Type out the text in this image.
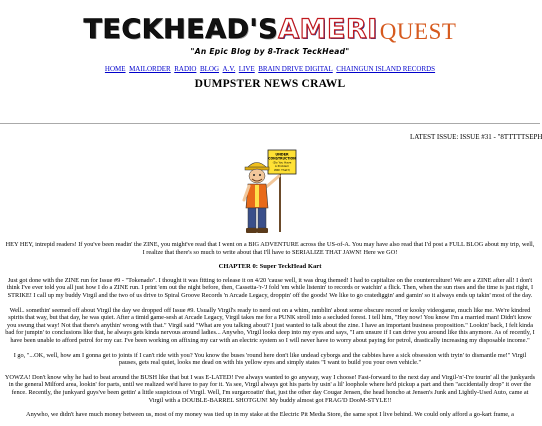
TECKHEAD'SAMERIQUEST
"An Epic Blog by 8-Track TeckHead"
HOME MAILORDER RADIO BLOG A.V. LIVE BRAIN DRIVE DIGITAL CHAINGUN ISLAND RECORDS
DUMPSTER NEWS CRAWL
LATEST ISSUE: ISSUE #31 - "8TTTTTSEPH
UNDER
CONSTRUCTION
(Do You Have
A Problem
With That?)

HEY HEY, intrepid readers! If you've been readin' the ZINE, you might've read that I went on a BIG ADVENTURE across the US-of-A. You may have also read that I'd post a FULL BLOG about my trip, well, I realize that there's so much to write about that I'll have to SERIALIZE THAT JAWN! Here we GO!

CHAPTER 0: Super TeckHead Kart

Just got done with the ZINE run for Issue #9 - "Tokenado". I thought it was fitting to release it on 4/20 'cause well, it was drug themed! I had to capitalize on the counterculture! We are a ZINE after all! I don't think I've ever told you all just how I do a ZINE run. I print 'em out the night before, then, Cassetta-'r-'J fold 'em while listenin' to records or watchin' a flick. Then, when the sun rises and the time is just right, I STRIKE! I call up my buddy Virgil and the two of us drive to Spiral Groove Records 'n Arcade Legacy, droppin' off the goods! We like to go cratediggin' and gamin' so it always ends up takin' most of the day.

Well.. somethin' seemed off about Virgil the day we dropped off Issue #9. Usually Virgil's ready to nerd out on a whim, ramblin' about some obscure record or kooky videogame, much like me. We're kindred spirits that way, but that day, he was quiet. After a timid game-sesh at Arcade Legacy, Virgil takes me for a PUNK stroll into a secluded forest. I tell him, "Hey now! You know I'm a married man! Didn't know you swung that way! Not that there's anythin' wrong with that." Virgil said "What are you talking about? I just wanted to talk about the zine. I have an important business proposition." Lookin' back, I felt kinda bad for jumpin' to conclusions like that, he always gets kinda nervous around ladies... Anywho, Virgil looks deep into my eyes and says, "I am unsure if I can drive you around like this anymore. As of recently, I have been unable to afford petrol for my car. I've been working on affixing my car with an electric system so I will never have to worry about paying for petrol, drastically increasing my disposable income."

I go, "...OK, well, how am I gonna get to joints if I can't ride with you? You know the buses 'round here don't like undead cyborgs and the cabbies have a sick obsession with tryin' to dismantle me!" Virgil pauses, gets real quiet, looks me dead on with his yellow eyes and simply states "I want to build you your own vehicle."

YOWZA! Don't know why he had to beat around the BUSH like that but I was E-LATED! I've always wanted to go anyway, way I choose! Fast-forward to the next day and Virgil-'n'-I're tourin' all the junkyards in the general Milford area, lookin' for parts, until we realized we'd have to pay for it. Ya see, Virgil always got his parts by usin' a lil' loophole where he'd pickup a part and then "accidentally drop" it over the fence. Recently, the junkyard guys've been gettin' a little suspicious of Virgil. Well, I'm surgarcoatin' that, just the other day Cougar Jensen, the head honcho at Jensen's Junk and Lightly-Used Auto, came at Virgil with a DOUBLE-BARREL SHOTGUN! My buddy almost got FRAG'D DooM-STYLE!!

Anywho, we didn't have much money between us, most of my money was tied up in my stake at the Electric Pit Media Store, the same spot I live behind. We could only afford a go-kart frame, a
